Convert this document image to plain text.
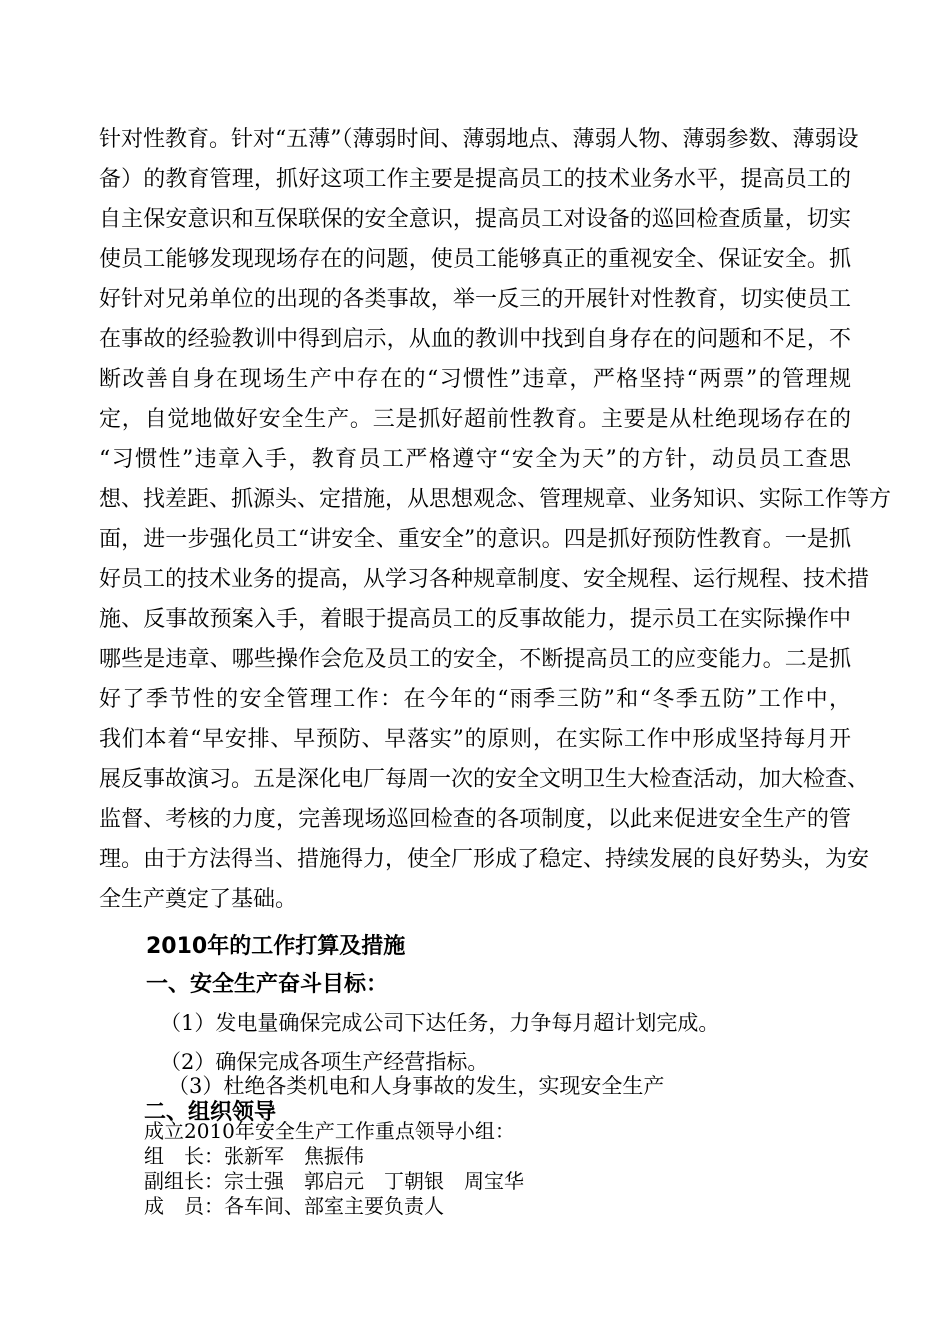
针对性教育。针对“五薄”（薄弱时间、薄弱地点、薄弱人物、薄弱参数、薄弱设
备）的教育管理，抓好这项工作主要是提高员工的技术业务水平，提高员工的
自主保安意识和互保联保的安全意识，提高员工对设备的巡回检查质量，切实
使员工能够发现现场存在的问题，使员工能够真正的重视安全、保证安全。抓
好针对兄弟单位的出现的各类事故，举一反三的开展针对性教育，切实使员工
在事故的经验教训中得到启示，从血的教训中找到自身存在的问题和不足，不
断改善自身在现场生产中存在的“习惯性”违章，严格坚持“两票”的管理规
定，自觉地做好安全生产。三是抓好超前性教育。主要是从杜绝现场存在的
“习惯性”违章入手，教育员工严格遵守“安全为天”的方针，动员员工查思
想、找差距、抓源头、定措施，从思想观念、管理规章、业务知识、实际工作等方
面，进一步强化员工“讲安全、重安全”的意识。四是抓好预防性教育。一是抓
好员工的技术业务的提高，从学习各种规章制度、安全规程、运行规程、技术措
施、反事故预案入手，着眼于提高员工的反事故能力，提示员工在实际操作中
哪些是违章、哪些操作会危及员工的安全，不断提高员工的应变能力。二是抓
好了季节性的安全管理工作：在今年的“雨季三防”和“冬季五防”工作中，
我们本着“早安排、早预防、早落实”的原则，在实际工作中形成坚持每月开
展反事故演习。五是深化电厂每周一次的安全文明卫生大检查活动，加大检查、
监督、考核的力度，完善现场巡回检查的各项制度，以此来促进安全生产的管
理。由于方法得当、措施得力，使全厂形成了稳定、持续发展的良好势头，为安
全生产奠定了基础。
2010年的工作打算及措施
一、安全生产奋斗目标：
（1）发电量确保完成公司下达任务，力争每月超计划完成。
（2）确保完成各项生产经营指标。
（3）杜绝各类机电和人身事故的发生，实现安全生产
二、组织领导
成立2010年安全生产工作重点领导小组：
组　长：张新军　焦振伟
副组长：宗士强　郭启元　丁朝银　周宝华
成　员：各车间、部室主要负责人
